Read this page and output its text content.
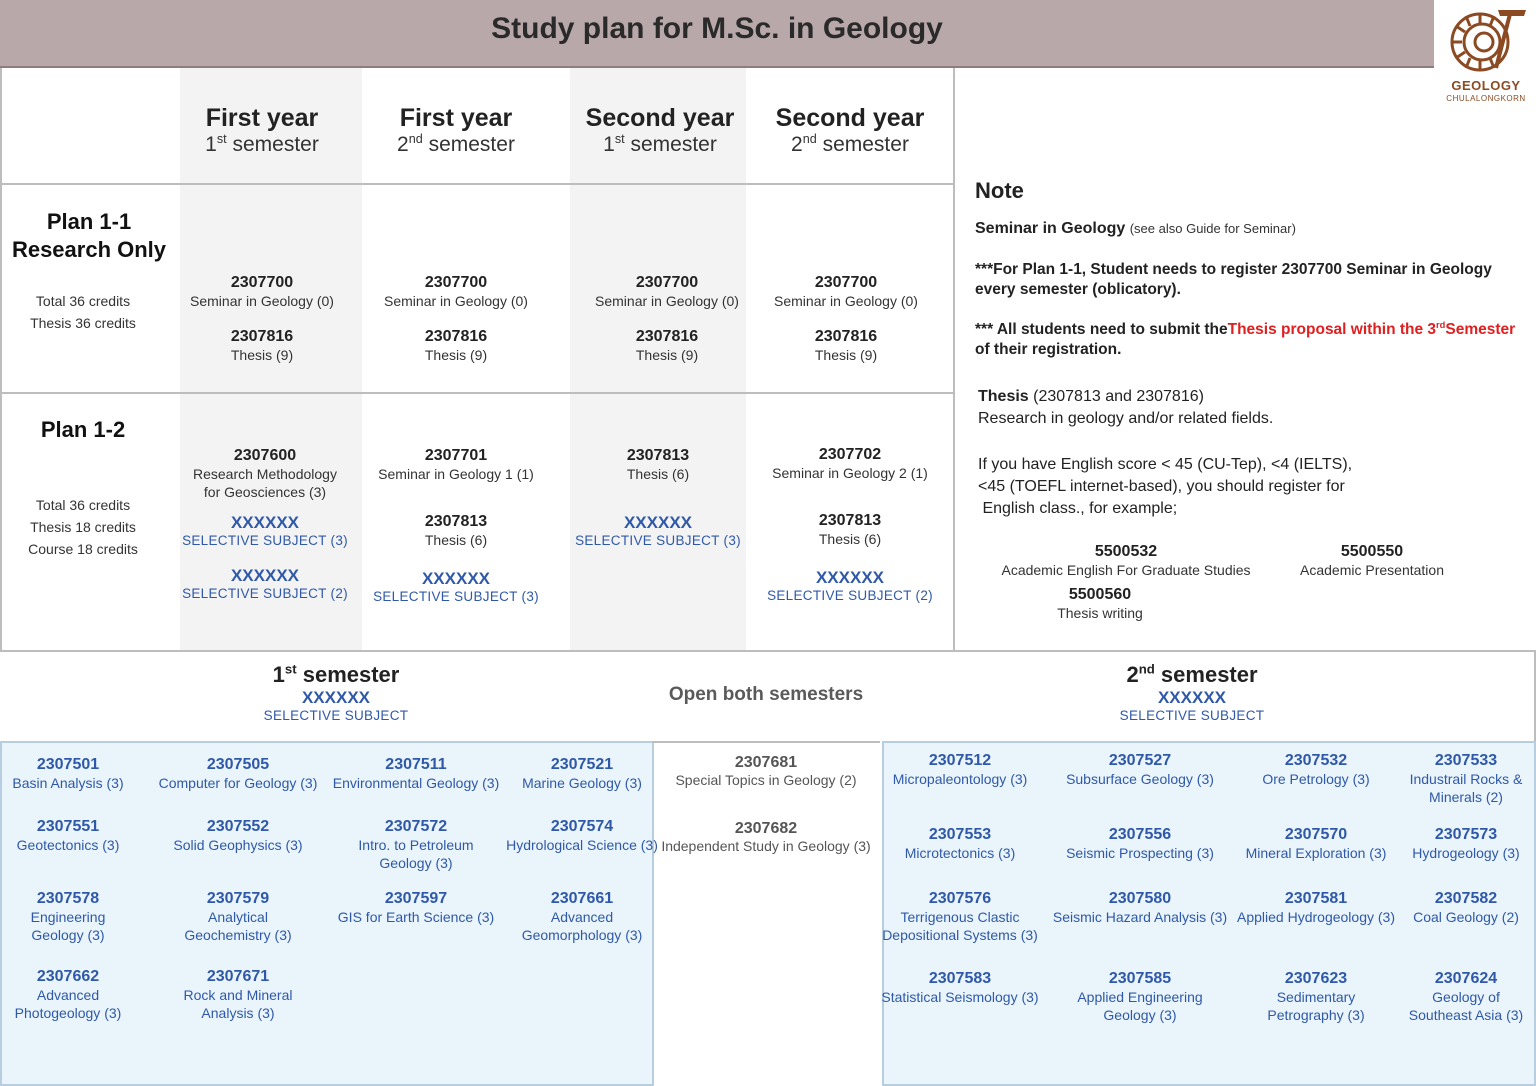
Study plan for M.Sc. in Geology
GEOLOGY
CHULALONGKORN
First year
1st semester
First year
2nd semester
Second year
1st semester
Second year
2nd semester
Plan 1-1
Research Only
Total 36 credits
Thesis 36 credits
2307700
Seminar in Geology (0)
2307816
Thesis (9)
2307700
Seminar in Geology (0)
2307816
Thesis (9)
2307700
Seminar in Geology (0)
2307816
Thesis (9)
2307700
Seminar in Geology (0)
2307816
Thesis (9)
Plan 1-2
Total 36 credits
Thesis 18 credits
Course 18 credits
2307600
Research Methodology
for Geosciences (3)
XXXXXX
SELECTIVE SUBJECT (3)
XXXXXX
SELECTIVE SUBJECT (2)
2307701
Seminar in Geology 1 (1)
2307813
Thesis (6)
XXXXXX
SELECTIVE SUBJECT (3)
2307813
Thesis (6)
XXXXXX
SELECTIVE SUBJECT (3)
2307702
Seminar in Geology 2 (1)
2307813
Thesis (6)
XXXXXX
SELECTIVE SUBJECT (2)
Note
Seminar in Geology (see also Guide for Seminar)
***For Plan 1-1, Student needs to register 2307700 Seminar in Geology
every semester (oblicatory).
*** All students need to submit theThesis proposal within the 3rdSemester
of their registration.
Thesis (2307813 and 2307816)
Research in geology and/or related fields.
If you have English score < 45 (CU-Tep), <4 (IELTS),
<45 (TOEFL internet-based), you should register for
English class., for example;
5500532
Academic English For Graduate Studies
5500550
Academic Presentation
5500560
Thesis writing
1st semester
XXXXXX
SELECTIVE SUBJECT
Open both semesters
2nd semester
XXXXXX
SELECTIVE SUBJECT
2307501
Basin Analysis (3)
2307505
Computer for Geology (3)
2307511
Environmental Geology (3)
2307521
Marine Geology (3)
2307551
Geotectonics (3)
2307552
Solid Geophysics (3)
2307572
Intro. to Petroleum
Geology (3)
2307574
Hydrological Science (3)
2307578
Engineering
Geology (3)
2307579
Analytical
Geochemistry (3)
2307597
GIS for Earth Science (3)
2307661
Advanced
Geomorphology (3)
2307662
Advanced
Photogeology (3)
2307671
Rock and Mineral
Analysis (3)
2307681
Special Topics in Geology (2)
2307682
Independent Study in Geology (3)
2307512
Micropaleontology (3)
2307527
Subsurface Geology (3)
2307532
Ore Petrology (3)
2307533
Industrail Rocks &
Minerals (2)
2307553
Microtectonics (3)
2307556
Seismic Prospecting (3)
2307570
Mineral Exploration (3)
2307573
Hydrogeology (3)
2307576
Terrigenous Clastic
Depositional Systems (3)
2307580
Seismic Hazard Analysis (3)
2307581
Applied Hydrogeology (3)
2307582
Coal Geology (2)
2307583
Statistical Seismology (3)
2307585
Applied Engineering
Geology (3)
2307623
Sedimentary
Petrography (3)
2307624
Geology of
Southeast Asia (3)
